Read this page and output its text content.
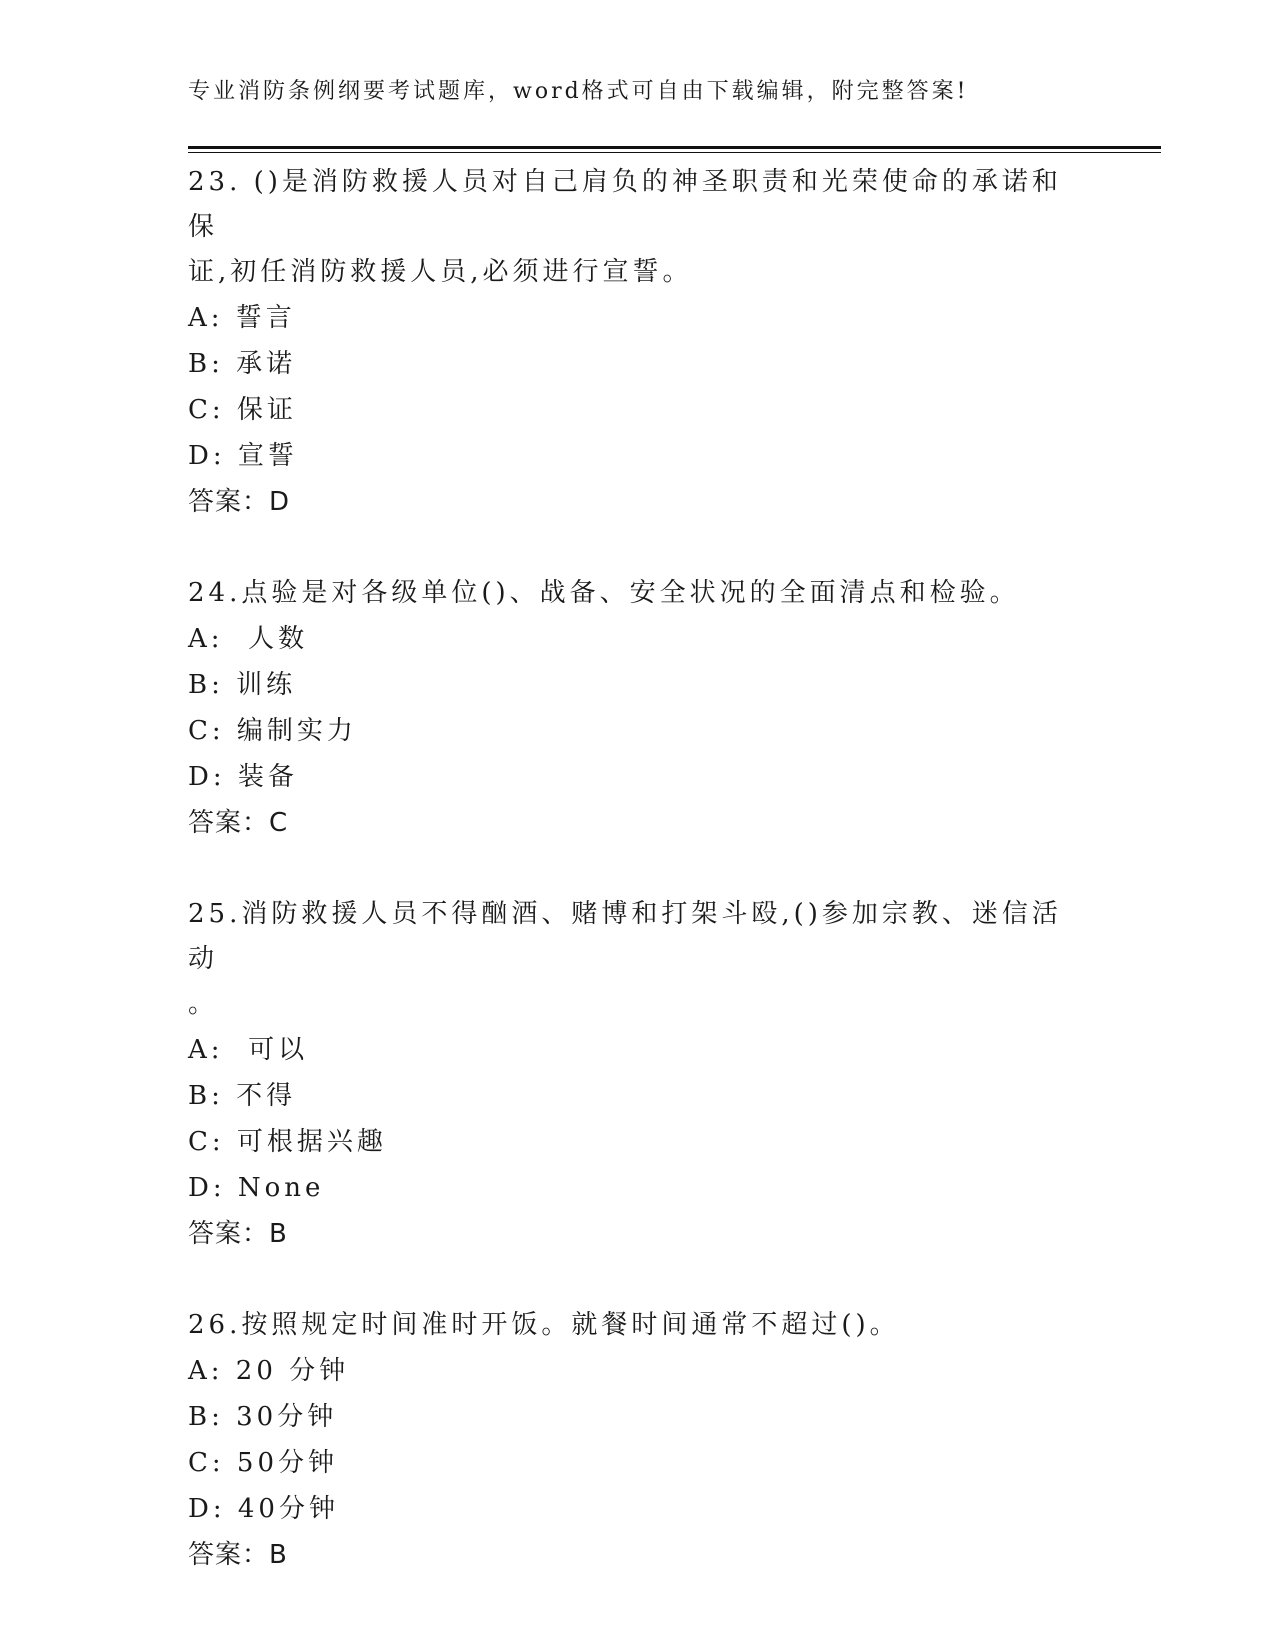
专业消防条例纲要考试题库，word格式可自由下载编辑，附完整答案!

23. ()是消防救援人员对自己肩负的神圣职责和光荣使命的承诺和保

证,初任消防救援人员,必须进行宣誓。

A: 誓言

B: 承诺

C: 保证

D: 宣誓

答案：D

24.点验是对各级单位()、战备、安全状况的全面清点和检验。

A:  人数

B: 训练

C: 编制实力

D: 装备

答案：C

25.消防救援人员不得酗酒、赌博和打架斗殴,()参加宗教、迷信活动

。

A:  可以

B: 不得

C: 可根据兴趣

D: None

答案：B

26.按照规定时间准时开饭。就餐时间通常不超过()。

A: 20 分钟

B: 30分钟

C: 50分钟

D: 40分钟

答案：B
